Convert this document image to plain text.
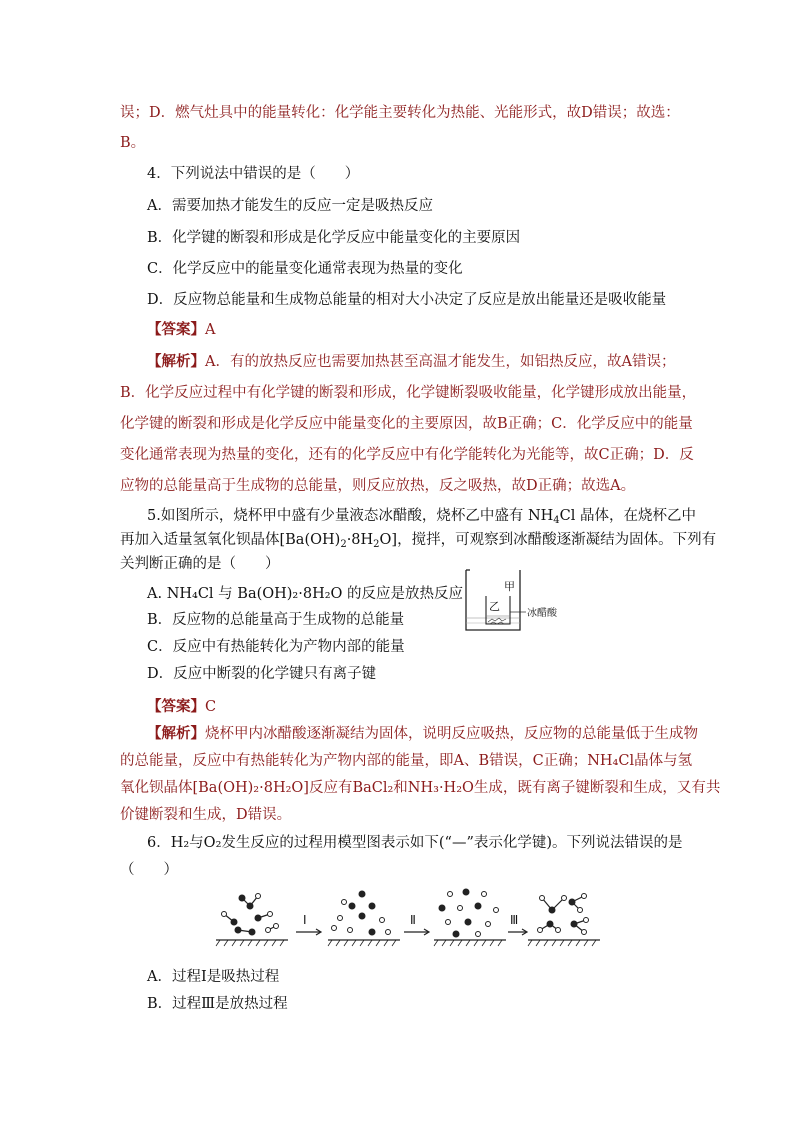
误；D．燃气灶具中的能量转化：化学能主要转化为热能、光能形式，故D错误；故选：
B。
4．下列说法中错误的是（　　）
A．需要加热才能发生的反应一定是吸热反应
B．化学键的断裂和形成是化学反应中能量变化的主要原因
C．化学反应中的能量变化通常表现为热量的变化
D．反应物总能量和生成物总能量的相对大小决定了反应是放出能量还是吸收能量
【答案】A
【解析】A．有的放热反应也需要加热甚至高温才能发生，如铝热反应，故A错误；
B．化学反应过程中有化学键的断裂和形成，化学键断裂吸收能量，化学键形成放出能量，
化学键的断裂和形成是化学反应中能量变化的主要原因，故B正确；C．化学反应中的能量
变化通常表现为热量的变化，还有的化学反应中有化学能转化为光能等，故C正确；D．反
应物的总能量高于生成物的总能量，则反应放热，反之吸热，故D正确；故选A。
5.如图所示，烧杯甲中盛有少量液态冰醋酸，烧杯乙中盛有 $NH_4Cl$ 晶体，在烧杯乙中
再加入适量氢氧化钡晶体$[Ba(OH)_2\cdot 8H_2O]$，搅拌，可观察到冰醋酸逐渐凝结为固体。下列有
关判断正确的是（　　）
A. NH₄Cl 与 Ba(OH)₂·8H₂O 的反应是放热反应
B．反应物的总能量高于生成物的总能量
C．反应中有热能转化为产物内部的能量
D．反应中断裂的化学键只有离子键
甲
乙
冰醋酸
【答案】C
【解析】烧杯甲内冰醋酸逐渐凝结为固体，说明反应吸热，反应物的总能量低于生成物
的总能量，反应中有热能转化为产物内部的能量，即A、B错误，C正确；NH₄Cl晶体与氢
氧化钡晶体[Ba(OH)₂·8H₂O]反应有BaCl₂和NH₃·H₂O生成，既有离子键断裂和生成，又有共
价键断裂和生成，D错误。
6．H₂与O₂发生反应的过程用模型图表示如下(“—”表示化学键)。下列说法错误的是
（　　）
Ⅰ	Ⅱ	Ⅲ
A．过程Ⅰ是吸热过程
B．过程Ⅲ是放热过程
